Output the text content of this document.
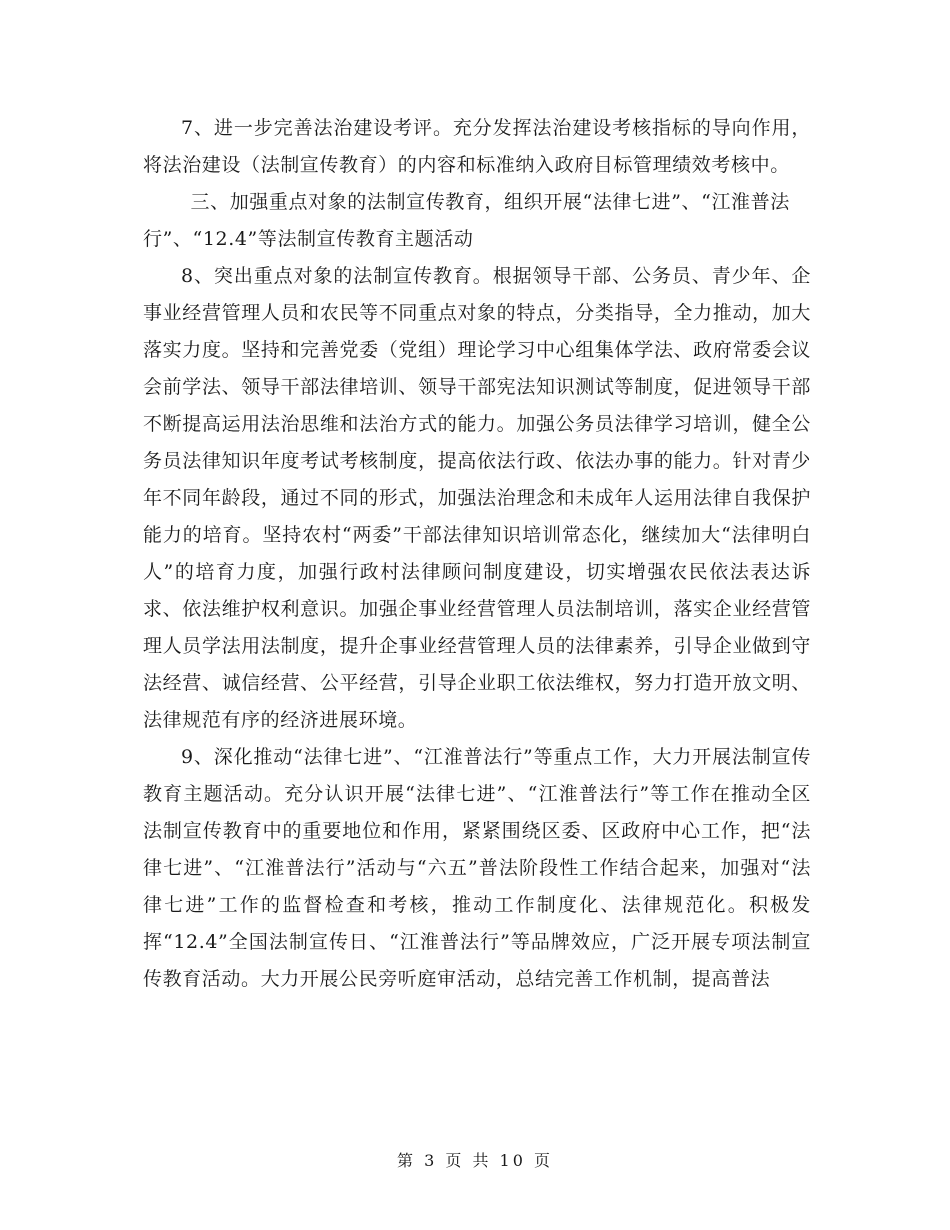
7、进一步完善法治建设考评。充分发挥法治建设考核指标的导向作用，将法治建设（法制宣传教育）的内容和标准纳入政府目标管理绩效考核中。

三、加强重点对象的法制宣传教育，组织开展“法律七进”、“江淮普法行”、“12.4”等法制宣传教育主题活动

8、突出重点对象的法制宣传教育。根据领导干部、公务员、青少年、企事业经营管理人员和农民等不同重点对象的特点，分类指导，全力推动，加大落实力度。坚持和完善党委（党组）理论学习中心组集体学法、政府常委会议会前学法、领导干部法律培训、领导干部宪法知识测试等制度，促进领导干部不断提高运用法治思维和法治方式的能力。加强公务员法律学习培训，健全公务员法律知识年度考试考核制度，提高依法行政、依法办事的能力。针对青少年不同年龄段，通过不同的形式，加强法治理念和未成年人运用法律自我保护能力的培育。坚持农村“两委”干部法律知识培训常态化，继续加大“法律明白人”的培育力度，加强行政村法律顾问制度建设，切实增强农民依法表达诉求、依法维护权利意识。加强企事业经营管理人员法制培训，落实企业经营管理人员学法用法制度，提升企事业经营管理人员的法律素养，引导企业做到守法经营、诚信经营、公平经营，引导企业职工依法维权，努力打造开放文明、法律规范有序的经济进展环境。

9、深化推动“法律七进”、“江淮普法行”等重点工作，大力开展法制宣传教育主题活动。充分认识开展“法律七进”、“江淮普法行”等工作在推动全区法制宣传教育中的重要地位和作用，紧紧围绕区委、区政府中心工作，把“法律七进”、“江淮普法行”活动与“六五”普法阶段性工作结合起来，加强对“法律七进”工作的监督检查和考核，推动工作制度化、法律规范化。积极发挥“12.4”全国法制宣传日、“江淮普法行”等品牌效应，广泛开展专项法制宣传教育活动。大力开展公民旁听庭审活动，总结完善工作机制，提高普法

第 3 页 共 10 页
